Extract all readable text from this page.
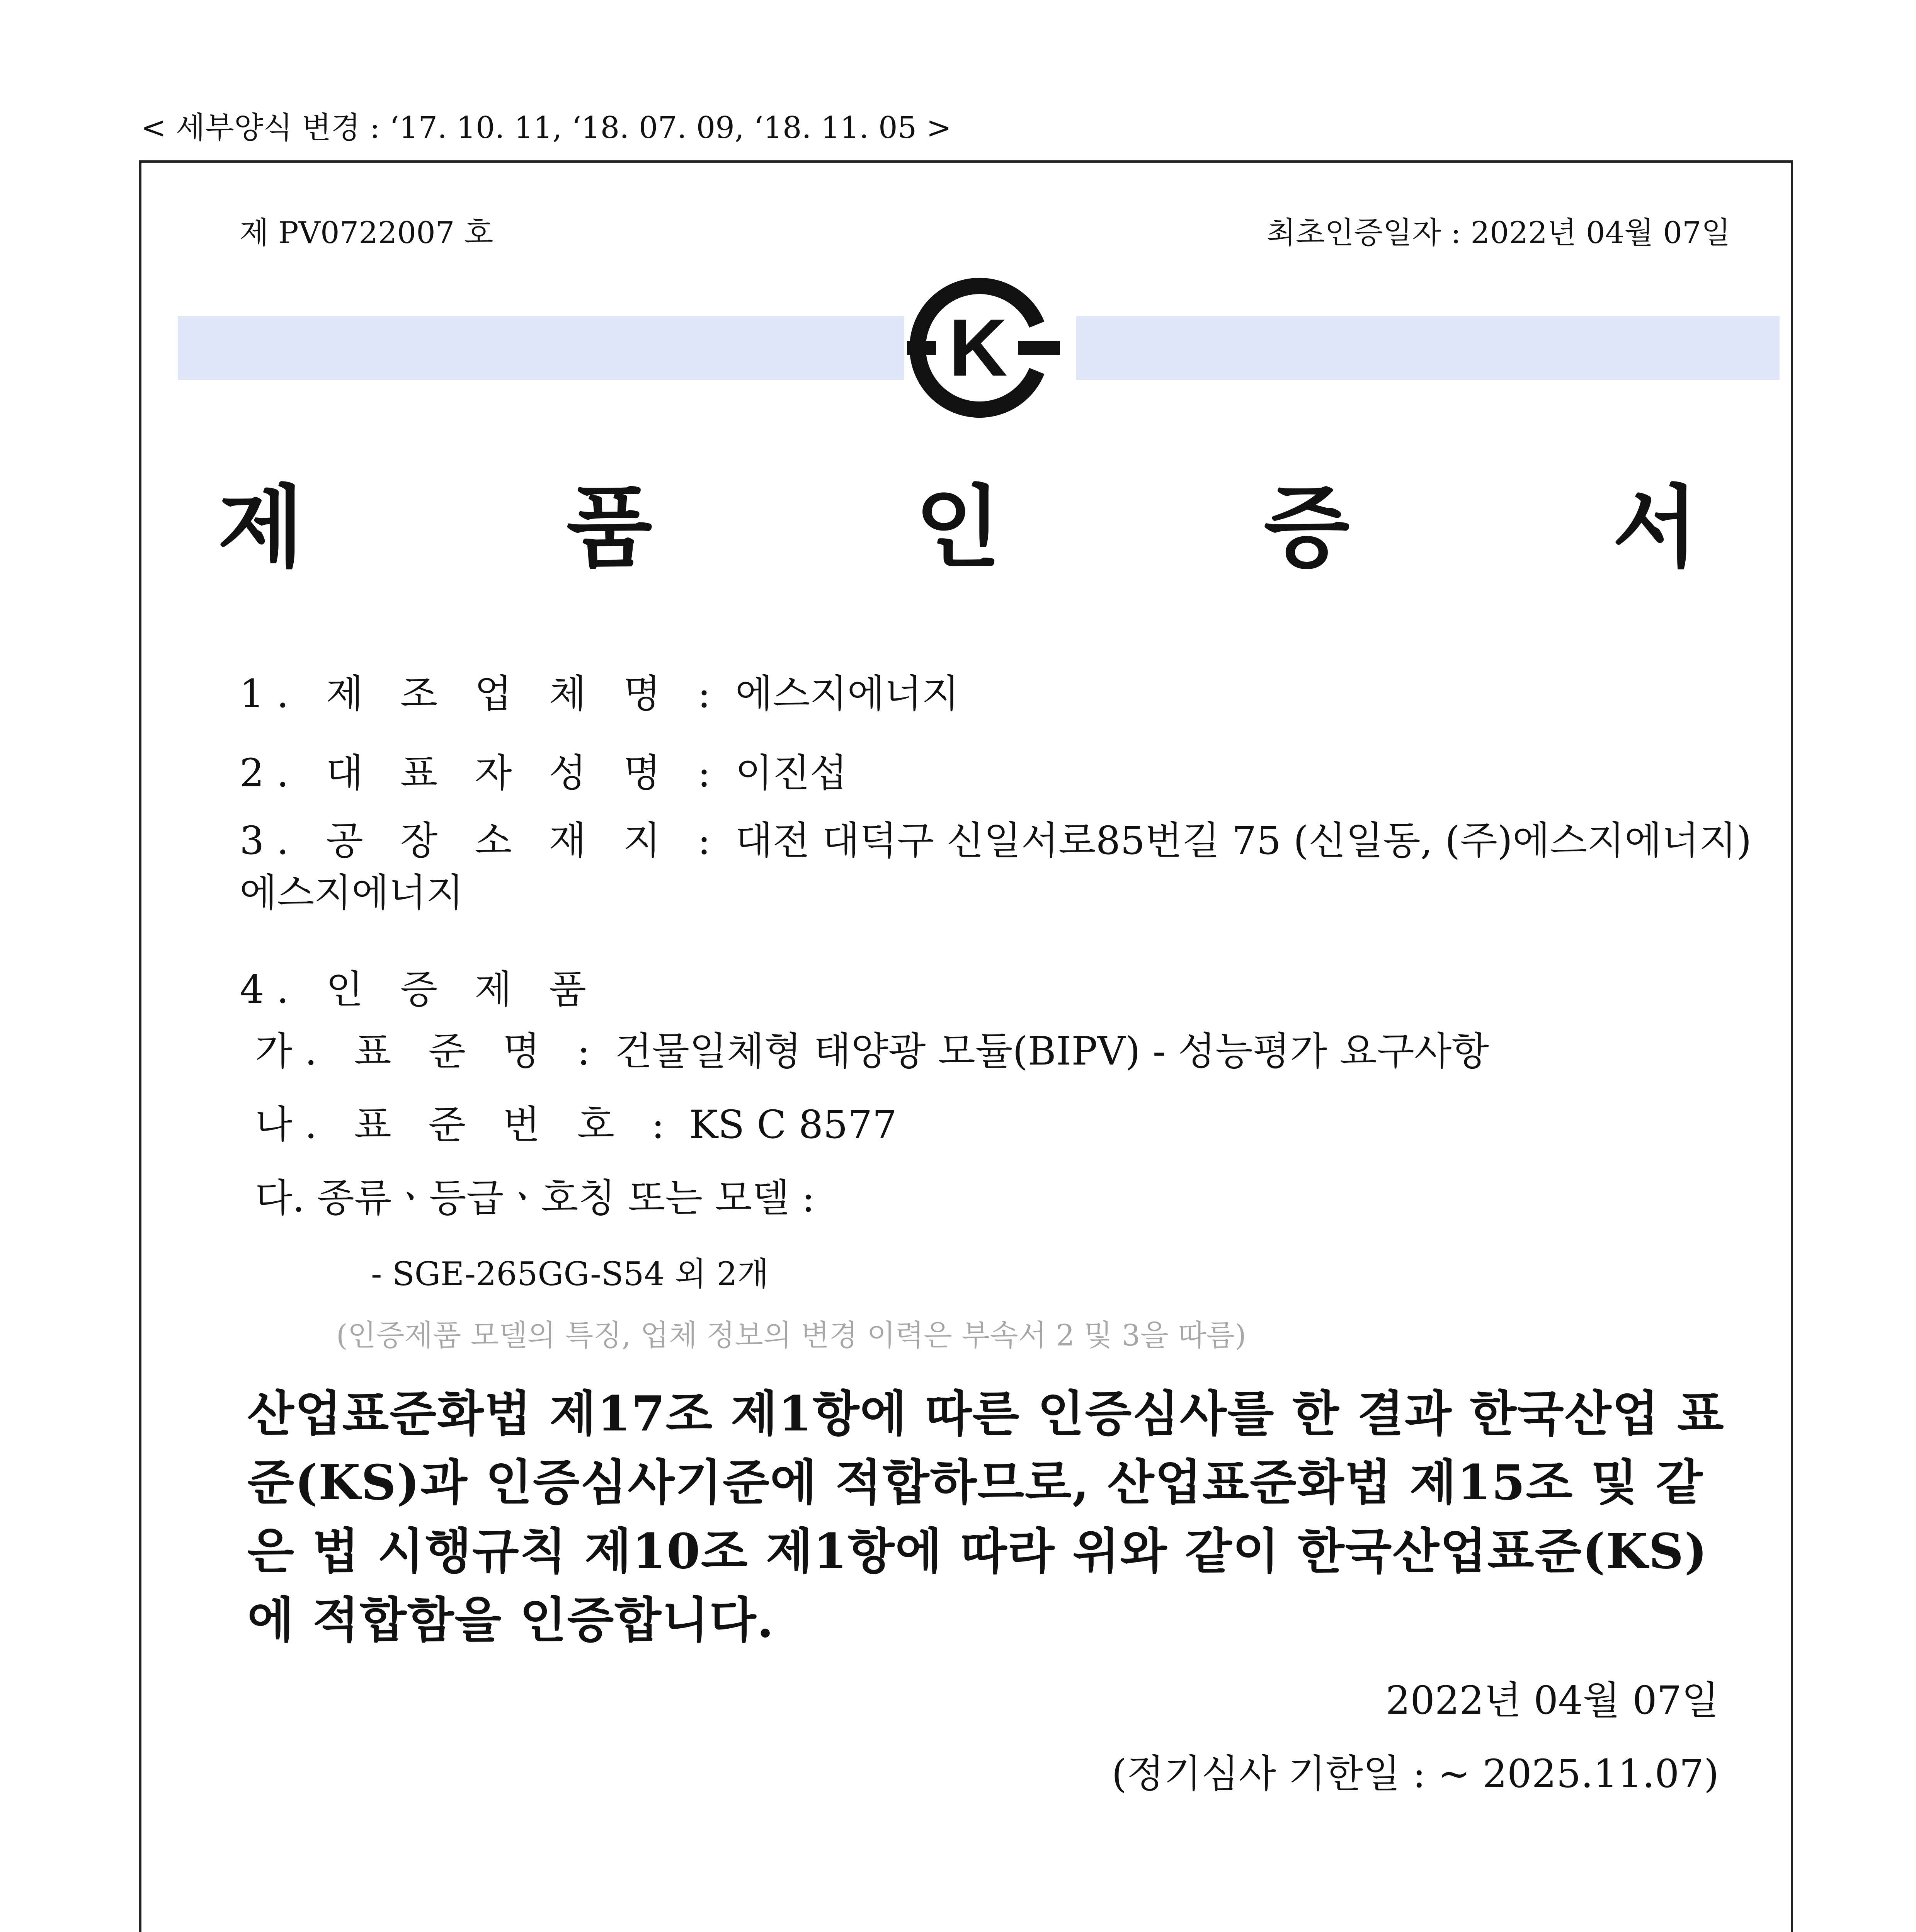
< 세부양식 변경 : ‘17. 10. 11, ‘18. 07. 09, ‘18. 11. 05 >
제 PV0722007 호	최초인증일자 : 2022년 04월 07일
K
제 품 인 증 서
1. 제 조 업 체 명 : 에스지에너지
2. 대 표 자 성 명 : 이진섭
3. 공 장 소 재 지 : 대전 대덕구 신일서로85번길 75 (신일동, (주)에스지에너지)
에스지에너지
4. 인 증 제 품
가. 표 준 명 : 건물일체형 태양광 모듈(BIPV) - 성능평가 요구사항
나. 표 준 번 호 : KS C 8577
다. 종류ㆍ등급ㆍ호칭 또는 모델 :
- SGE-265GG-S54 외 2개
(인증제품 모델의 특징, 업체 정보의 변경 이력은 부속서 2 및 3을 따름)
산업표준화법 제17조 제1항에 따른 인증심사를 한 결과 한국산업 표준(KS)과 인증심사기준에 적합하므로, 산업표준화법 제15조 및 같은 법 시행규칙 제10조 제1항에 따라 위와 같이 한국산업표준(KS)에 적합함을 인증합니다.
2022년 04월 07일
(정기심사 기한일 : ~ 2025.11.07)
